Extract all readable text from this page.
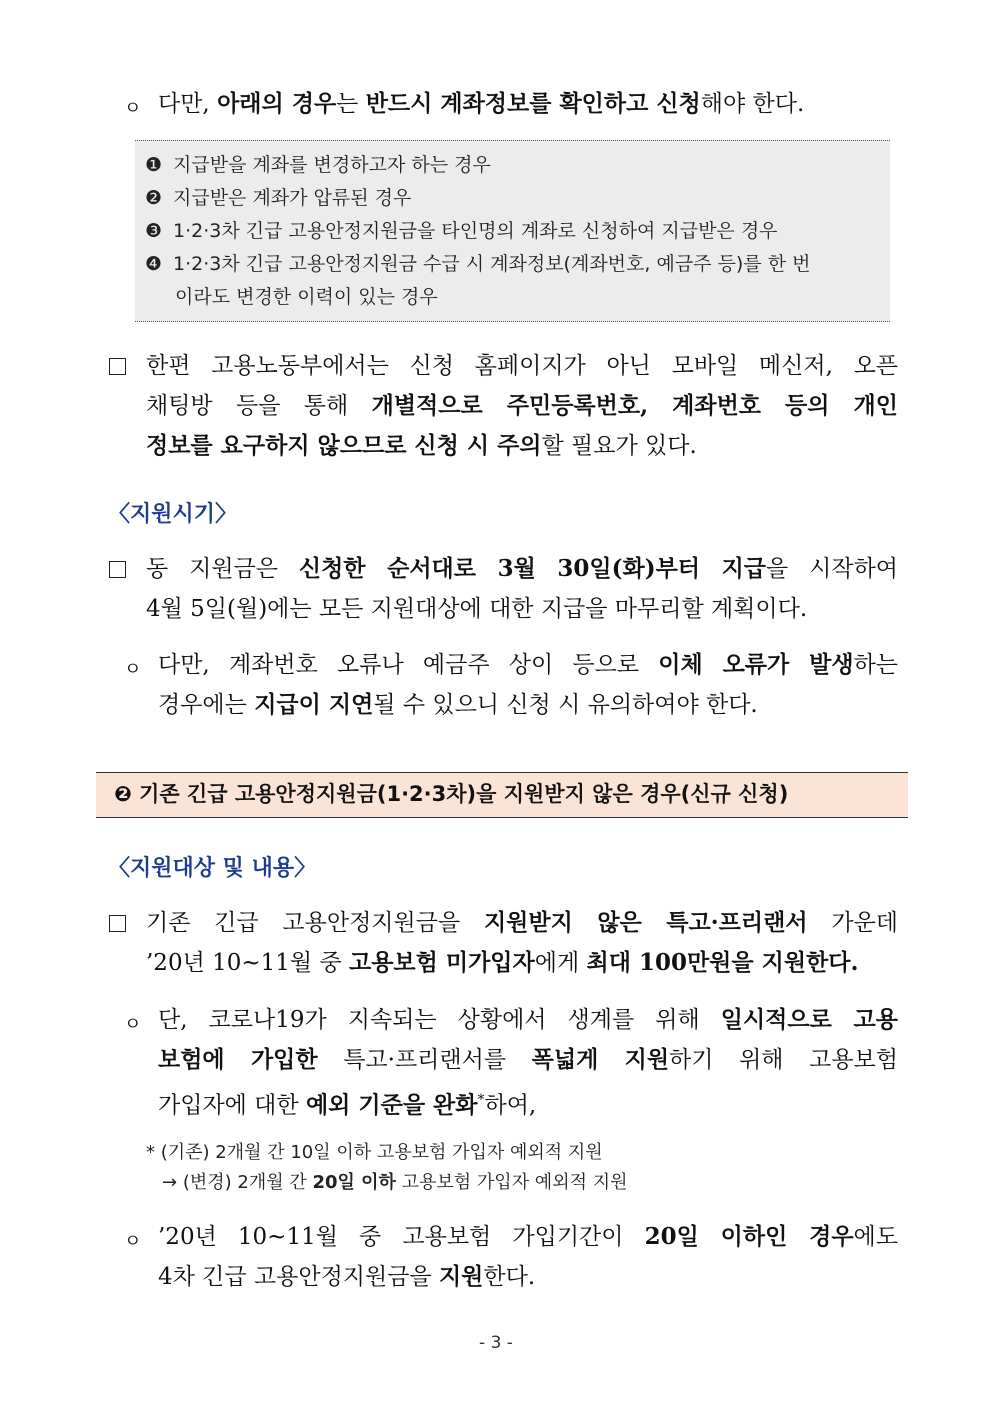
ㅇ 다만, 아래의 경우는 반드시 계좌정보를 확인하고 신청해야 한다.
❶ 지급받을 계좌를 변경하고자 하는 경우
❷ 지급받은 계좌가 압류된 경우
❸ 1·2·3차 긴급 고용안정지원금을 타인명의 계좌로 신청하여 지급받은 경우
❹ 1·2·3차 긴급 고용안정지원금 수급 시 계좌정보(계좌번호, 예금주 등)를 한 번
이라도 변경한 이력이 있는 경우
한편 고용노동부에서는 신청 홈페이지가 아닌 모바일 메신저, 오픈
채팅방 등을 통해 개별적으로 주민등록번호, 계좌번호 등의 개인
정보를 요구하지 않으므로 신청 시 주의할 필요가 있다.
〈지원시기〉
동 지원금은 신청한 순서대로 3월 30일(화)부터 지급을 시작하여
4월 5일(월)에는 모든 지원대상에 대한 지급을 마무리할 계획이다.
ㅇ 다만, 계좌번호 오류나 예금주 상이 등으로 이체 오류가 발생하는
경우에는 지급이 지연될 수 있으니 신청 시 유의하여야 한다.
❷ 기존 긴급 고용안정지원금(1·2·3차)을 지원받지 않은 경우(신규 신청)
〈지원대상 및 내용〉
기존 긴급 고용안정지원금을 지원받지 않은 특고·프리랜서 가운데
’20년 10~11월 중 고용보험 미가입자에게 최대 100만원을 지원한다.
ㅇ 단, 코로나19가 지속되는 상황에서 생계를 위해 일시적으로 고용
보험에 가입한 특고·프리랜서를 폭넓게 지원하기 위해 고용보험
가입자에 대한 예외 기준을 완화*하여,
* (기존) 2개월 간 10일 이하 고용보험 가입자 예외적 지원
→ (변경) 2개월 간 20일 이하 고용보험 가입자 예외적 지원
ㅇ ’20년 10~11월 중 고용보험 가입기간이 20일 이하인 경우에도
4차 긴급 고용안정지원금을 지원한다.
- 3 -
